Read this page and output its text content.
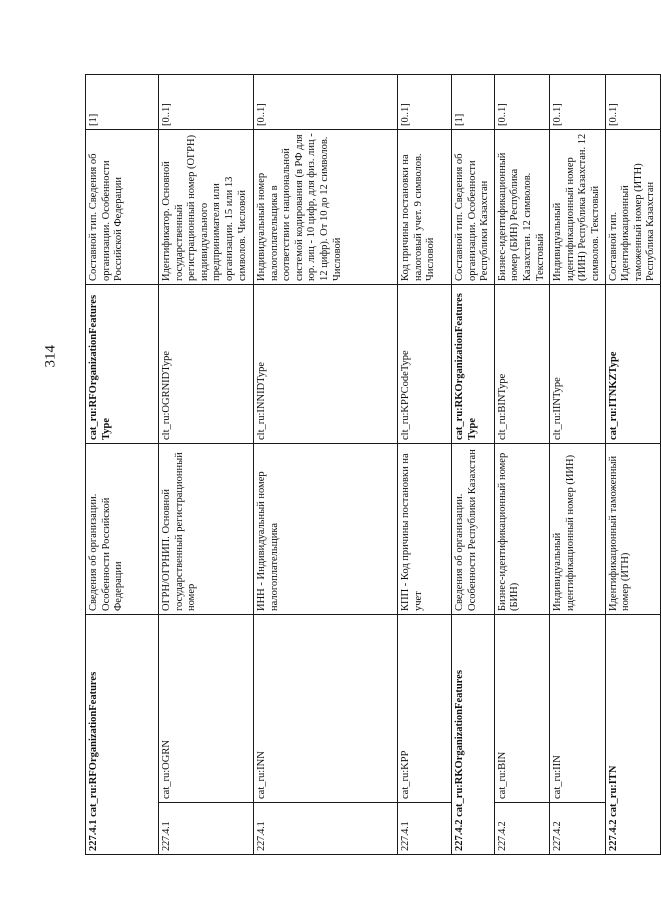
314
227.4.1 cat_ru:RFOrganizationFeatures		Сведения об организации. Особенности Российской Федерации	cat_ru:RFOrganizationFeatures Type	Составной тип. Сведения об организации. Особенности Российской Федерации	[1]
227.4.1	cat_ru:OGRN	ОГРН/ОГРНИП. Основной государственный регистрационный номер	clt_ru:OGRNIDType	Идентификатор. Основной государственный регистрационный номер (ОГРН) индивидуального предпринимателя или организации. 15 или 13 символов. Числовой	[0..1]
227.4.1	cat_ru:INN	ИНН - Индивидуальный номер налогоплательщика	clt_ru:INNIDType	Индивидуальный номер налогоплательщика в соответствии с национальной системой кодирования (в РФ для юр. лиц - 10 цифр, для физ. лиц - 12 цифр). От 10 до 12 символов. Числовой	[0..1]
227.4.1	cat_ru:KPP	КПП - Код причины постановки на учет	clt_ru:KPPCodeType	Код причины постановки на налоговый учет. 9 символов. Числовой	[0..1]
227.4.2 cat_ru:RKOrganizationFeatures		Сведения об организации. Особенности Республики Казахстан	cat_ru:RKOrganizationFeatures Type	Составной тип. Сведения об организации. Особенности Республики Казахстан	[1]
227.4.2	cat_ru:BIN	Бизнес-идентификационный номер (БИН)	clt_ru:BINType	Бизнес-идентификационный номер (БИН) Республика Казахстан. 12 символов. Текстовый	[0..1]
227.4.2	cat_ru:IIN	Индивидуальный идентификационный номер (ИИН)	clt_ru:IINType	Индивидуальный идентификационный номер (ИИН) Республика Казахстан. 12 символов. Текстовый	[0..1]
227.4.2 cat_ru:ITN		Идентификационный таможенный номер (ИТН)	cat_ru:ITNKZType	Составной тип. Идентификационный таможенный номер (ИТН) Республика Казахстан	[0..1]
